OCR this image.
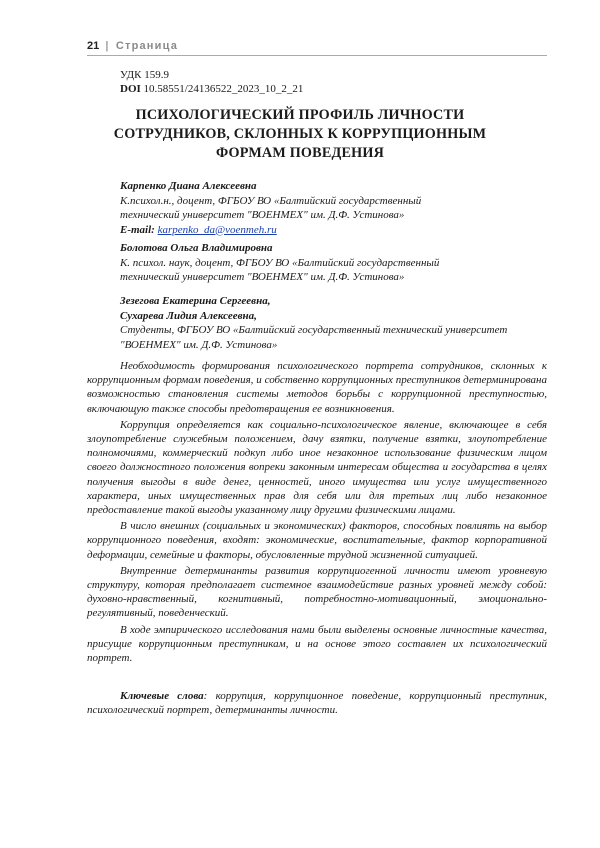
21 | Страница
УДК 159.9
DOI 10.58551/24136522_2023_10_2_21
ПСИХОЛОГИЧЕСКИЙ ПРОФИЛЬ ЛИЧНОСТИ
СОТРУДНИКОВ, СКЛОННЫХ К КОРРУПЦИОННЫМ
ФОРМАМ ПОВЕДЕНИЯ
Карпенко Диана Алексеевна
К.психол.н., доцент, ФГБОУ ВО «Балтийский государственный
технический университет "ВОЕНМЕХ" им. Д.Ф. Устинова»
E-mail: karpenko_da@voenmeh.ru
Болотова Ольга Владимировна
К. психол. наук, доцент, ФГБОУ ВО «Балтийский государственный
технический университет "ВОЕНМЕХ" им. Д.Ф. Устинова»
Зезегова Екатерина Сергеевна,
Сухарева Лидия Алексеевна,
Студенты, ФГБОУ ВО «Балтийский государственный технический университет
"ВОЕНМЕХ" им. Д.Ф. Устинова»

Необходимость формирования психологического портрета сотрудников, склонных к коррупционным формам поведения, и собственно коррупционных преступников детерминирована возможностью становления системы методов борьбы с коррупционной преступностью, включающую также способы предотвращения ее возникновения.

Коррупция определяется как социально-психологическое явление, включающее в себя злоупотребление служебным положением, дачу взятки, получение взятки, злоупотребление полномочиями, коммерческий подкуп либо иное незаконное использование физическим лицом своего должностного положения вопреки законным интересам общества и государства в целях получения выгоды в виде денег, ценностей, иного имущества или услуг имущественного характера, иных имущественных прав для себя или для третьих лиц либо незаконное предоставление такой выгоды указанному лицу другими физическими лицами.

В число внешних (социальных и экономических) факторов, способных повлиять на выбор коррупционного поведения, входят: экономические, воспитательные, фактор корпоративной деформации, семейные и факторы, обусловленные трудной жизненной ситуацией.

Внутренние детерминанты развития коррупциогенной личности имеют уровневую структуру, которая предполагает системное взаимодействие разных уровней между собой: духовно-нравственный, когнитивный, потребностно-мотивационный, эмоционально-регулятивный, поведенческий.

В ходе эмпирического исследования нами были выделены основные личностные качества, присущие коррупционным преступникам, и на основе этого составлен их психологический портрет.

Ключевые слова: коррупция, коррупционное поведение, коррупционный преступник, психологический портрет, детерминанты личности.
